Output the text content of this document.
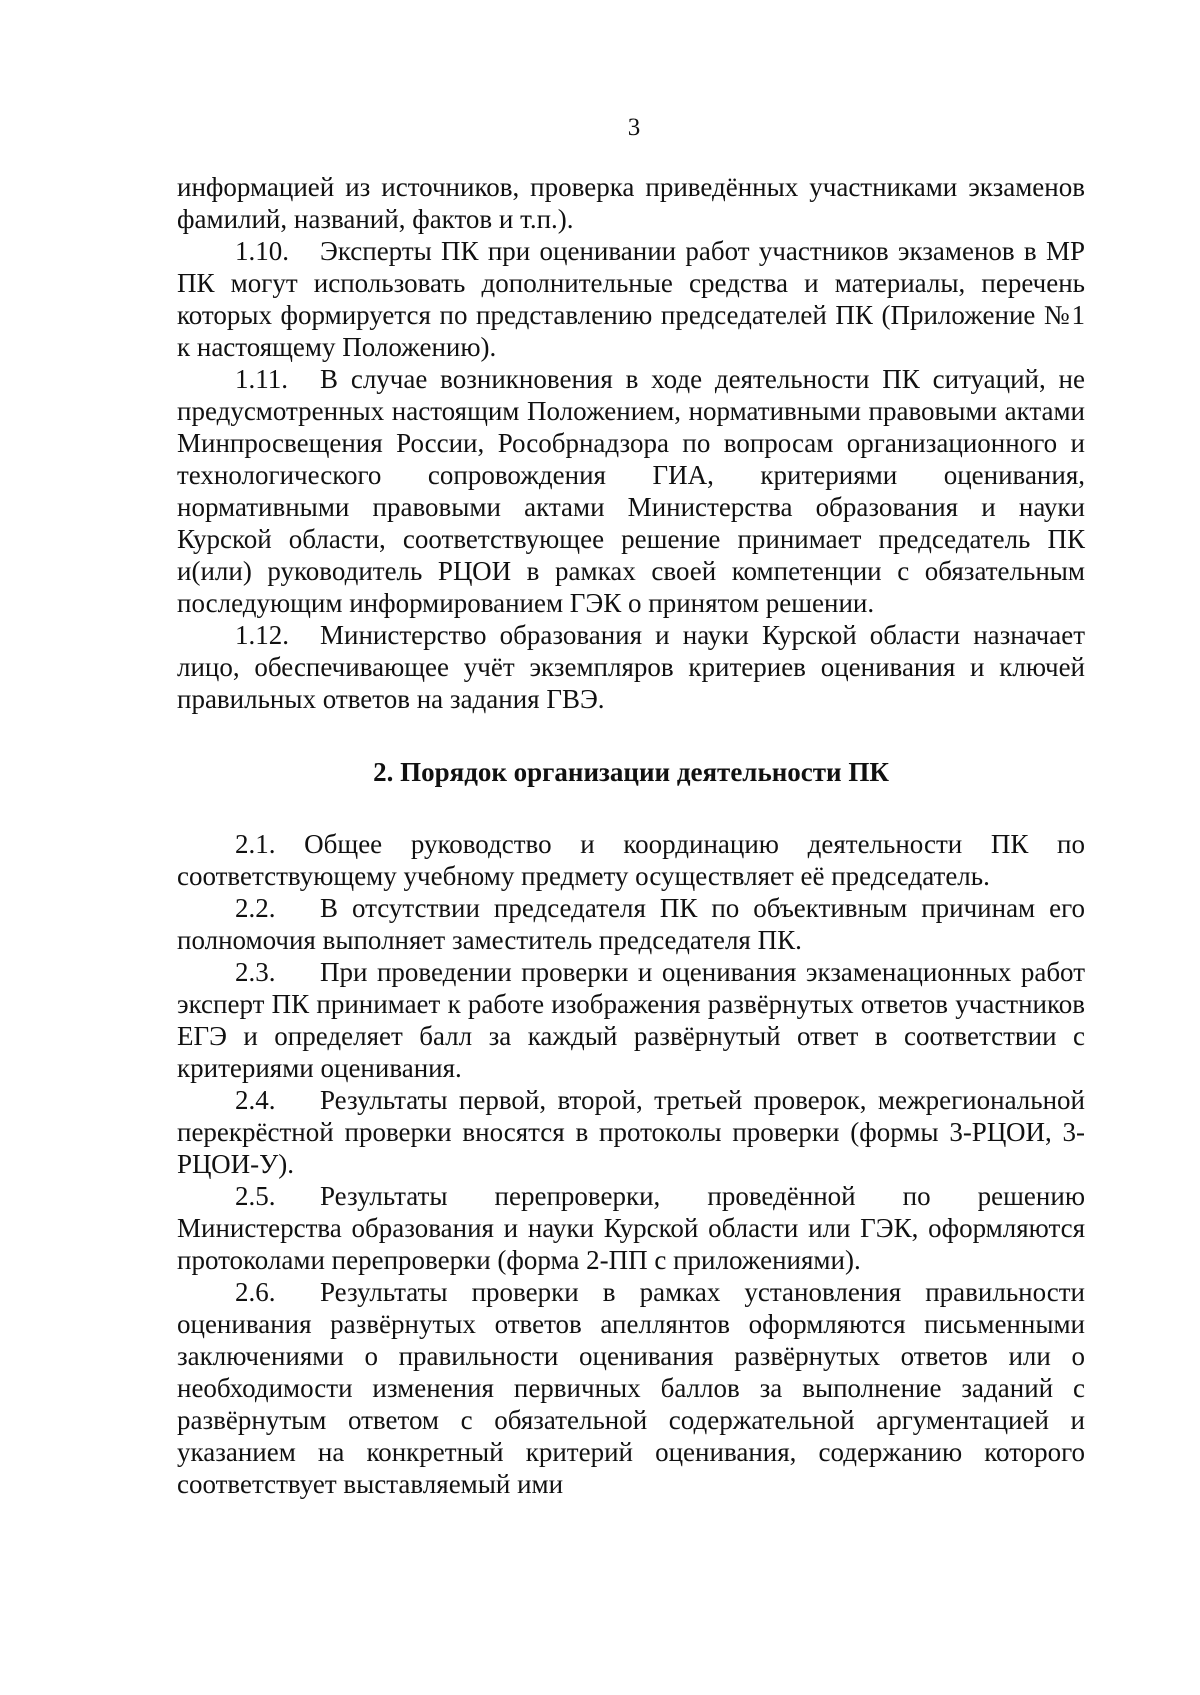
3

информацией из источников, проверка приведённых участниками экзаменов фамилий, названий, фактов и т.п.).

1.10. Эксперты ПК при оценивании работ участников экзаменов в МР ПК могут использовать дополнительные средства и материалы, перечень которых формируется по представлению председателей ПК (Приложение №1 к настоящему Положению).

1.11. В случае возникновения в ходе деятельности ПК ситуаций, не предусмотренных настоящим Положением, нормативными правовыми актами Минпросвещения России, Рособрнадзора по вопросам организационного и технологического сопровождения ГИА, критериями оценивания, нормативными правовыми актами Министерства образования и науки Курской области, соответствующее решение принимает председатель ПК и(или) руководитель РЦОИ в рамках своей компетенции с обязательным последующим информированием ГЭК о принятом решении.

1.12. Министерство образования и науки Курской области назначает лицо, обеспечивающее учёт экземпляров критериев оценивания и ключей правильных ответов на задания ГВЭ.

2. Порядок организации деятельности ПК

2.1. Общее руководство и координацию деятельности ПК по соответствующему учебному предмету осуществляет её председатель.

2.2. В отсутствии председателя ПК по объективным причинам его полномочия выполняет заместитель председателя ПК.

2.3. При проведении проверки и оценивания экзаменационных работ эксперт ПК принимает к работе изображения развёрнутых ответов участников ЕГЭ и определяет балл за каждый развёрнутый ответ в соответствии с критериями оценивания.

2.4. Результаты первой, второй, третьей проверок, межрегиональной перекрёстной проверки вносятся в протоколы проверки (формы 3-РЦОИ, 3-РЦОИ-У).

2.5. Результаты перепроверки, проведённой по решению Министерства образования и науки Курской области или ГЭК, оформляются протоколами перепроверки (форма 2-ПП с приложениями).

2.6. Результаты проверки в рамках установления правильности оценивания развёрнутых ответов апеллянтов оформляются письменными заключениями о правильности оценивания развёрнутых ответов или о необходимости изменения первичных баллов за выполнение заданий с развёрнутым ответом с обязательной содержательной аргументацией и указанием на конкретный критерий оценивания, содержанию которого соответствует выставляемый ими
